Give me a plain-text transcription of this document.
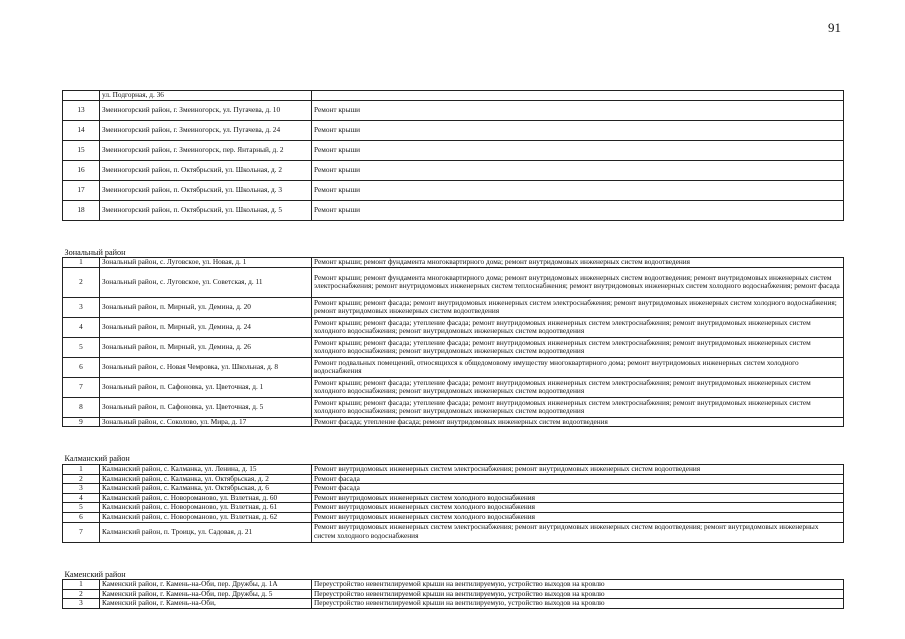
91
	ул. Подгорная, д. 36	
13	Змеиногорский район, г. Змеиногорск, ул. Пугачева, д. 10	Ремонт крыши
14	Змеиногорский район, г. Змеиногорск, ул. Пугачева, д. 24	Ремонт крыши
15	Змеиногорский район, г. Змеиногорск, пер. Янтарный, д. 2	Ремонт крыши
16	Змеиногорский район, п. Октябрьский, ул. Школьная, д. 2	Ремонт крыши
17	Змеиногорский район, п. Октябрьский, ул. Школьная, д. 3	Ремонт крыши
18	Змеиногорский район, п. Октябрьский, ул. Школьная, д. 5	Ремонт крыши

Зональный район		
1	Зональный район, с. Луговское, ул. Новая, д. 1	Ремонт крыши; ремонт фундамента многоквартирного дома; ремонт внутридомовых инженерных систем водоотведения
2	Зональный район, с. Луговское, ул. Советская, д. 11	Ремонт крыши; ремонт фундамента многоквартирного дома; ремонт внутридомовых инженерных систем водоотведения; ремонт внутридомовых инженерных систем электроснабжения; ремонт внутридомовых инженерных систем теплоснабжения; ремонт внутридомовых инженерных систем холодного водоснабжения; ремонт фасада
3	Зональный район, п. Мирный, ул. Демина, д. 20	Ремонт крыши; ремонт фасада; ремонт внутридомовых инженерных систем электроснабжения; ремонт внутридомовых инженерных систем холодного водоснабжения; ремонт внутридомовых инженерных систем водоотведения
4	Зональный район, п. Мирный, ул. Демина, д. 24	Ремонт крыши; ремонт фасада; утепление фасада; ремонт внутридомовых инженерных систем электроснабжения; ремонт внутридомовых инженерных систем холодного водоснабжения; ремонт внутридомовых инженерных систем водоотведения
5	Зональный район, п. Мирный, ул. Демина, д. 26	Ремонт крыши; ремонт фасада; утепление фасада; ремонт внутридомовых инженерных систем электроснабжения; ремонт внутридомовых инженерных систем холодного водоснабжения; ремонт внутридомовых инженерных систем водоотведения
6	Зональный район, с. Новая Чемровка, ул. Школьная, д. 8	Ремонт подвальных помещений, относящихся к общедомовому имуществу многоквартирного дома; ремонт внутридомовых инженерных систем холодного водоснабжения
7	Зональный район, п. Сафоновка, ул. Цветочная, д. 1	Ремонт крыши; ремонт фасада; утепление фасада; ремонт внутридомовых инженерных систем электроснабжения; ремонт внутридомовых инженерных систем холодного водоснабжения; ремонт внутридомовых инженерных систем водоотведения
8	Зональный район, п. Сафоновка, ул. Цветочная, д. 5	Ремонт крыши; ремонт фасада; утепление фасада; ремонт внутридомовых инженерных систем электроснабжения; ремонт внутридомовых инженерных систем холодного водоснабжения; ремонт внутридомовых инженерных систем водоотведения
9	Зональный район, с. Соколово, ул. Мира, д. 17	Ремонт фасада; утепление фасада; ремонт внутридомовых инженерных систем водоотведения

Калманский район		
1	Калманский район, с. Калманка, ул. Ленина, д. 15	Ремонт внутридомовых инженерных систем электроснабжения; ремонт внутридомовых инженерных систем водоотведения
2	Калманский район, с. Калманка, ул. Октябрьская, д. 2	Ремонт фасада
3	Калманский район, с. Калманка, ул. Октябрьская, д. 6	Ремонт фасада
4	Калманский район, с. Новороманово, ул. Взлетная, д. 60	Ремонт внутридомовых инженерных систем холодного водоснабжения
5	Калманский район, с. Новороманово, ул. Взлетная, д. 61	Ремонт внутридомовых инженерных систем холодного водоснабжения
6	Калманский район, с. Новороманово, ул. Взлетная, д. 62	Ремонт внутридомовых инженерных систем холодного водоснабжения
7	Калманский район, п. Троицк, ул. Садовая, д. 21	Ремонт внутридомовых инженерных систем электроснабжения; ремонт внутридомовых инженерных систем водоотведения; ремонт внутридомовых инженерных систем холодного водоснабжения

Каменский район		
1	Каменский район, г. Камень-на-Оби, пер. Дружбы, д. 1А	Переустройство невентилируемой крыши на вентилируемую, устройство выходов на кровлю
2	Каменский район, г. Камень-на-Оби, пер. Дружбы, д. 5	Переустройство невентилируемой крыши на вентилируемую, устройство выходов на кровлю
3	Каменский район, г. Камень-на-Оби,	Переустройство невентилируемой крыши на вентилируемую, устройство выходов на кровлю
